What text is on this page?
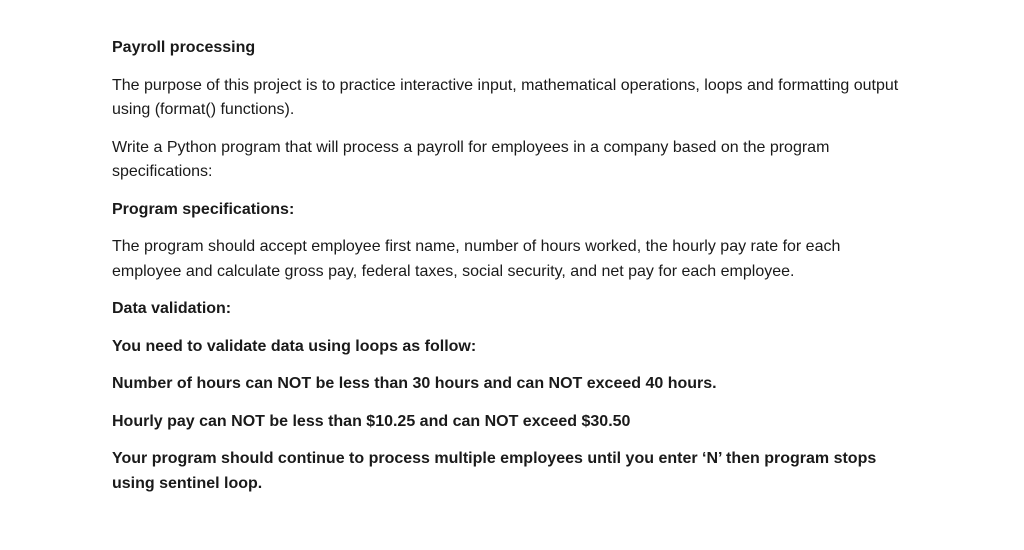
Payroll processing

The purpose of this project is to practice interactive input, mathematical operations, loops and formatting output using (format() functions).

Write a Python program that will process a payroll for employees in a company based on the program specifications:

Program specifications:

The program should accept employee first name, number of hours worked, the hourly pay rate for each employee and calculate gross pay, federal taxes, social security, and net pay for each employee.

Data validation:

You need to validate data using loops as follow:

Number of hours can NOT be less than 30 hours and can NOT exceed 40 hours.

Hourly pay can NOT be less than $10.25 and can NOT exceed $30.50

Your program should continue to process multiple employees until you enter ‘N’ then program stops using sentinel loop.
